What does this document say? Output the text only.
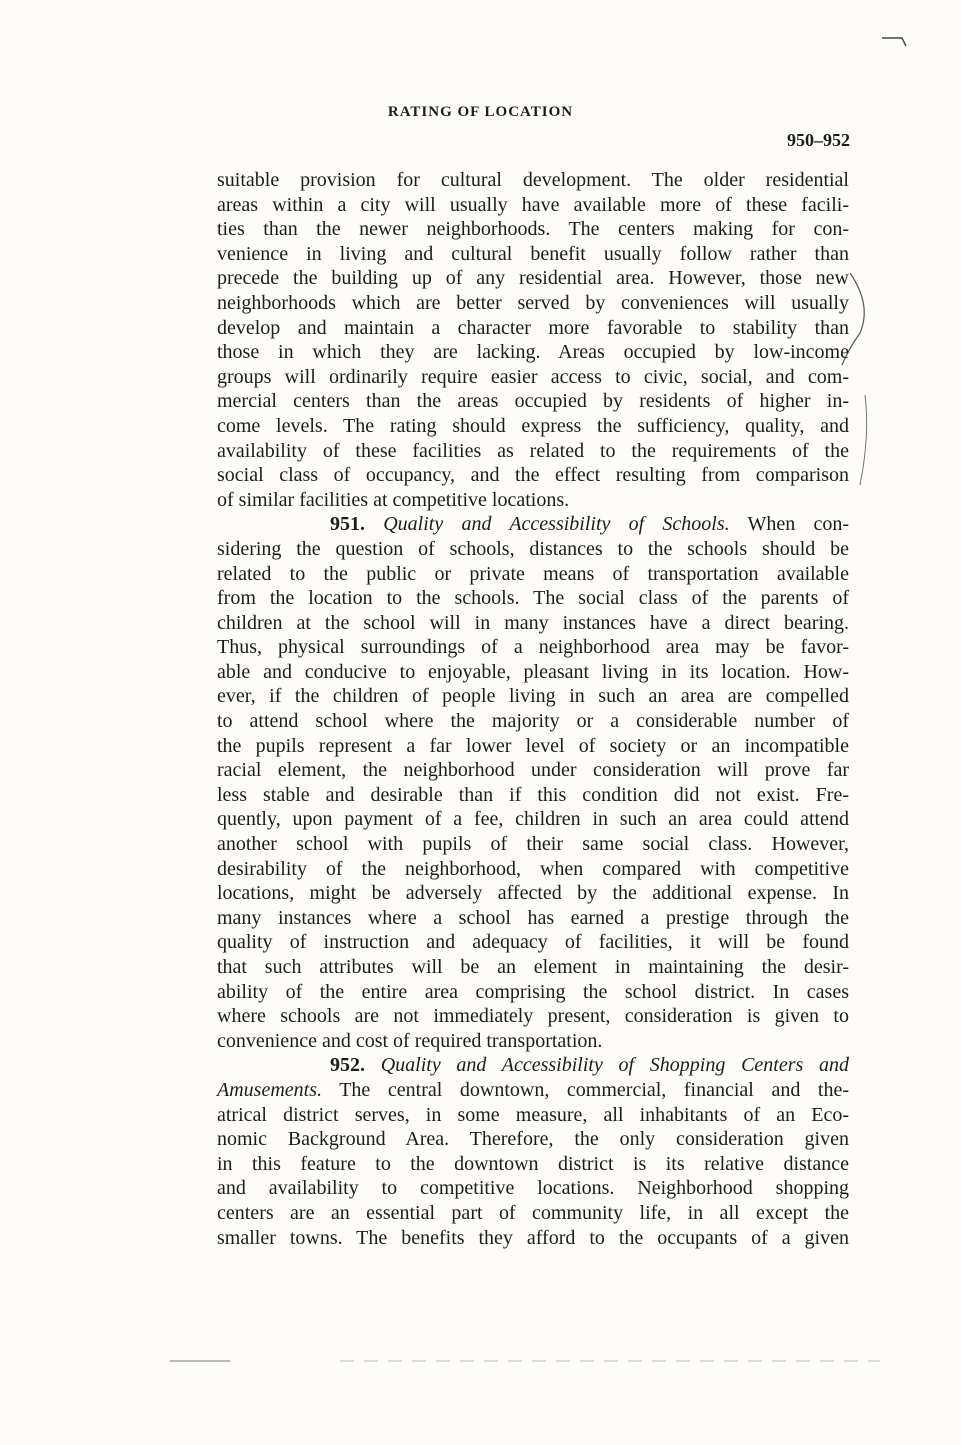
RATING OF LOCATION
950–952
suitable provision for cultural development. The older residential
areas within a city will usually have available more of these facili-
ties than the newer neighborhoods. The centers making for con-
venience in living and cultural benefit usually follow rather than
precede the building up of any residential area. However, those new
neighborhoods which are better served by conveniences will usually
develop and maintain a character more favorable to stability than
those in which they are lacking. Areas occupied by low-income
groups will ordinarily require easier access to civic, social, and com-
mercial centers than the areas occupied by residents of higher in-
come levels. The rating should express the sufficiency, quality, and
availability of these facilities as related to the requirements of the
social class of occupancy, and the effect resulting from comparison
of similar facilities at competitive locations.
951. Quality and Accessibility of Schools. When con-
sidering the question of schools, distances to the schools should be
related to the public or private means of transportation available
from the location to the schools. The social class of the parents of
children at the school will in many instances have a direct bearing.
Thus, physical surroundings of a neighborhood area may be favor-
able and conducive to enjoyable, pleasant living in its location. How-
ever, if the children of people living in such an area are compelled
to attend school where the majority or a considerable number of
the pupils represent a far lower level of society or an incompatible
racial element, the neighborhood under consideration will prove far
less stable and desirable than if this condition did not exist. Fre-
quently, upon payment of a fee, children in such an area could attend
another school with pupils of their same social class. However,
desirability of the neighborhood, when compared with competitive
locations, might be adversely affected by the additional expense. In
many instances where a school has earned a prestige through the
quality of instruction and adequacy of facilities, it will be found
that such attributes will be an element in maintaining the desir-
ability of the entire area comprising the school district. In cases
where schools are not immediately present, consideration is given to
convenience and cost of required transportation.
952. Quality and Accessibility of Shopping Centers and
Amusements. The central downtown, commercial, financial and the-
atrical district serves, in some measure, all inhabitants of an Eco-
nomic Background Area. Therefore, the only consideration given
in this feature to the downtown district is its relative distance
and availability to competitive locations. Neighborhood shopping
centers are an essential part of community life, in all except the
smaller towns. The benefits they afford to the occupants of a given
